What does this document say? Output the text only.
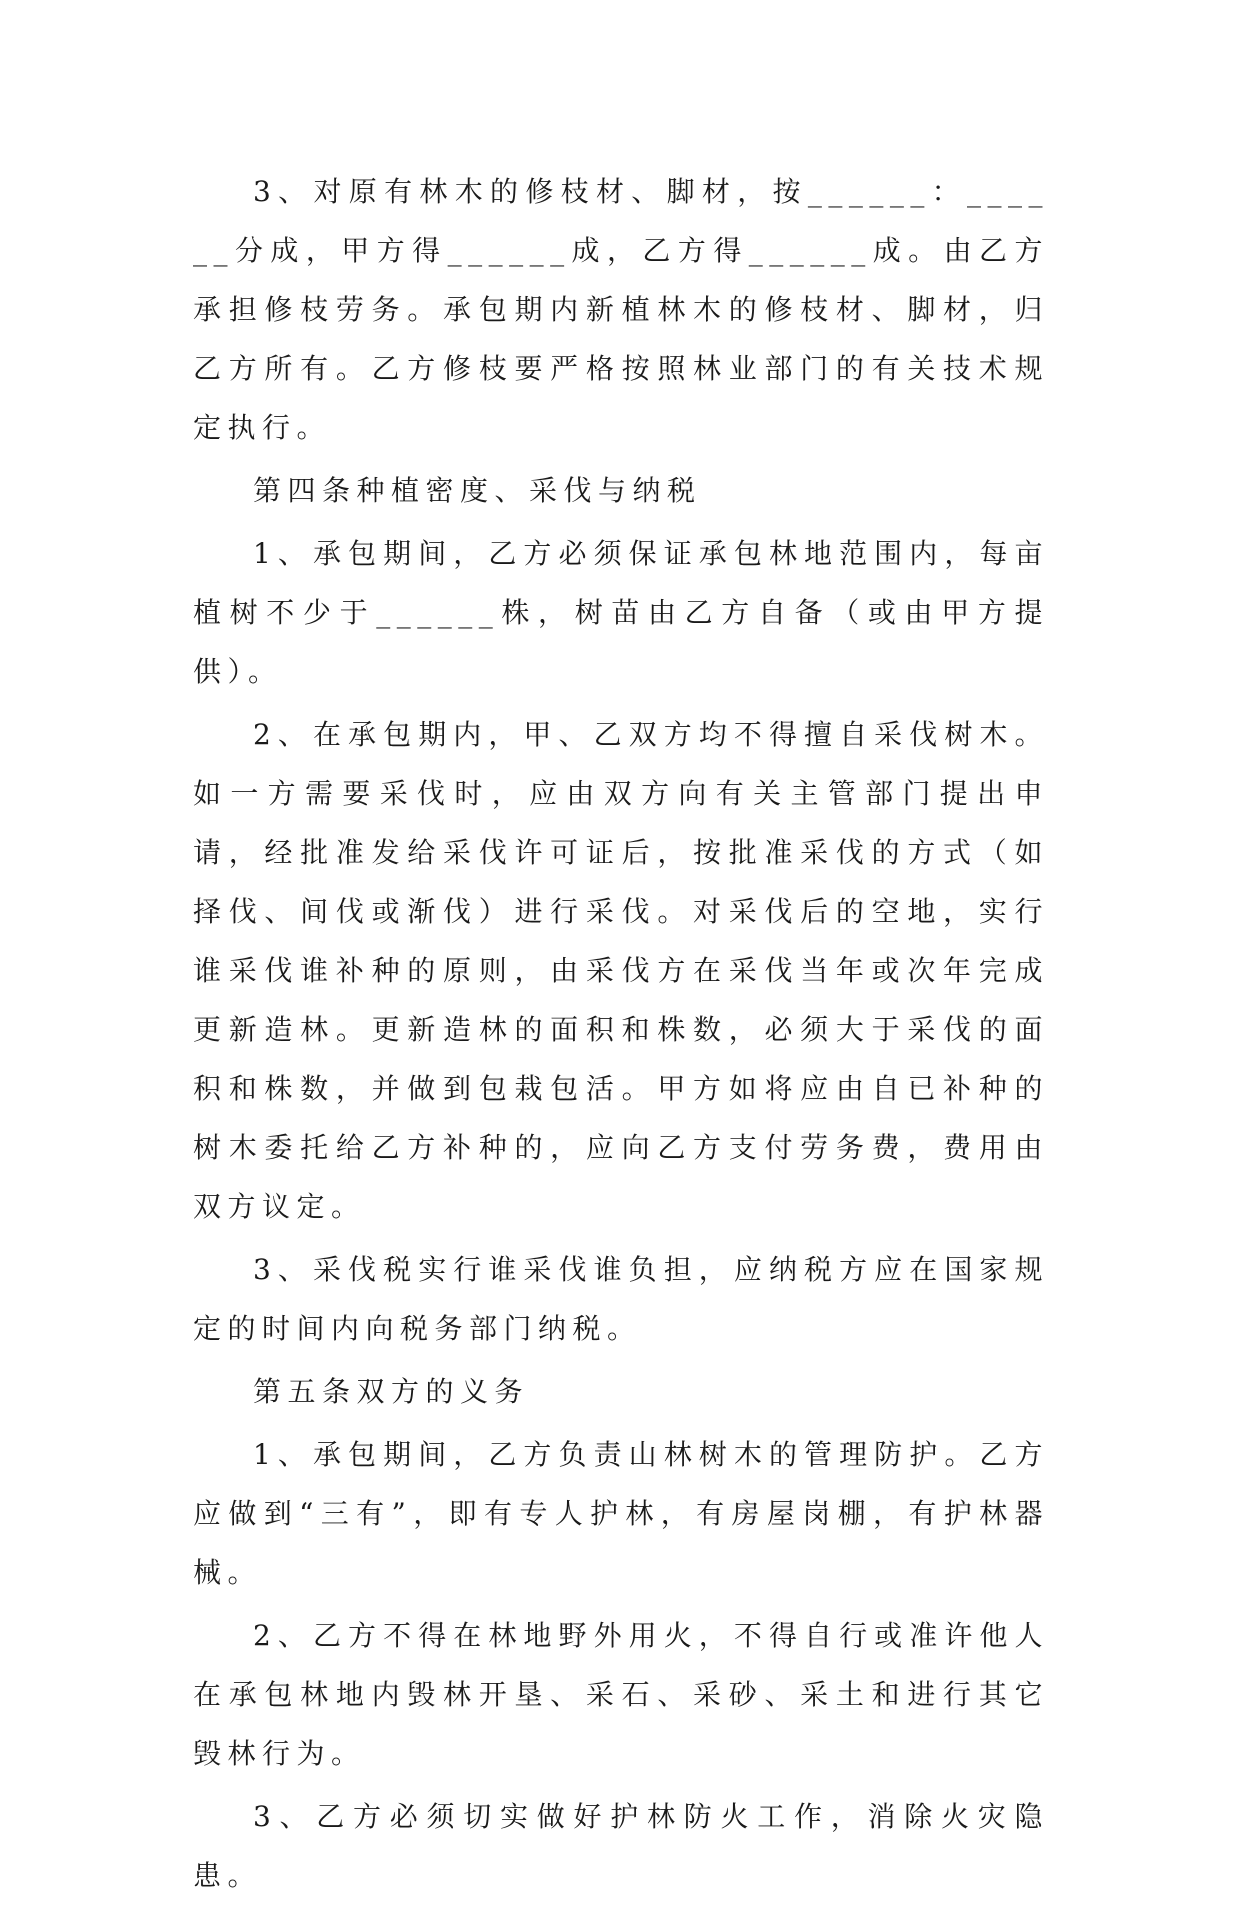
3、对原有林木的修枝材、脚材，按______：______分成，甲方得______成，乙方得______成。由乙方承担修枝劳务。承包期内新植林木的修枝材、脚材，归乙方所有。乙方修枝要严格按照林业部门的有关技术规定执行。

第四条种植密度、采伐与纳税

1、承包期间，乙方必须保证承包林地范围内，每亩植树不少于______株，树苗由乙方自备（或由甲方提供）。

2、在承包期内，甲、乙双方均不得擅自采伐树木。如一方需要采伐时，应由双方向有关主管部门提出申请，经批准发给采伐许可证后，按批准采伐的方式（如择伐、间伐或渐伐）进行采伐。对采伐后的空地，实行谁采伐谁补种的原则，由采伐方在采伐当年或次年完成更新造林。更新造林的面积和株数，必须大于采伐的面积和株数，并做到包栽包活。甲方如将应由自已补种的树木委托给乙方补种的，应向乙方支付劳务费，费用由双方议定。

3、采伐税实行谁采伐谁负担，应纳税方应在国家规定的时间内向税务部门纳税。

第五条双方的义务

1、承包期间，乙方负责山林树木的管理防护。乙方应做到“三有”，即有专人护林，有房屋岗棚，有护林器械。

2、乙方不得在林地野外用火，不得自行或准许他人在承包林地内毁林开垦、采石、采砂、采土和进行其它毁林行为。

3、乙方必须切实做好护林防火工作，消除火灾隐患。
